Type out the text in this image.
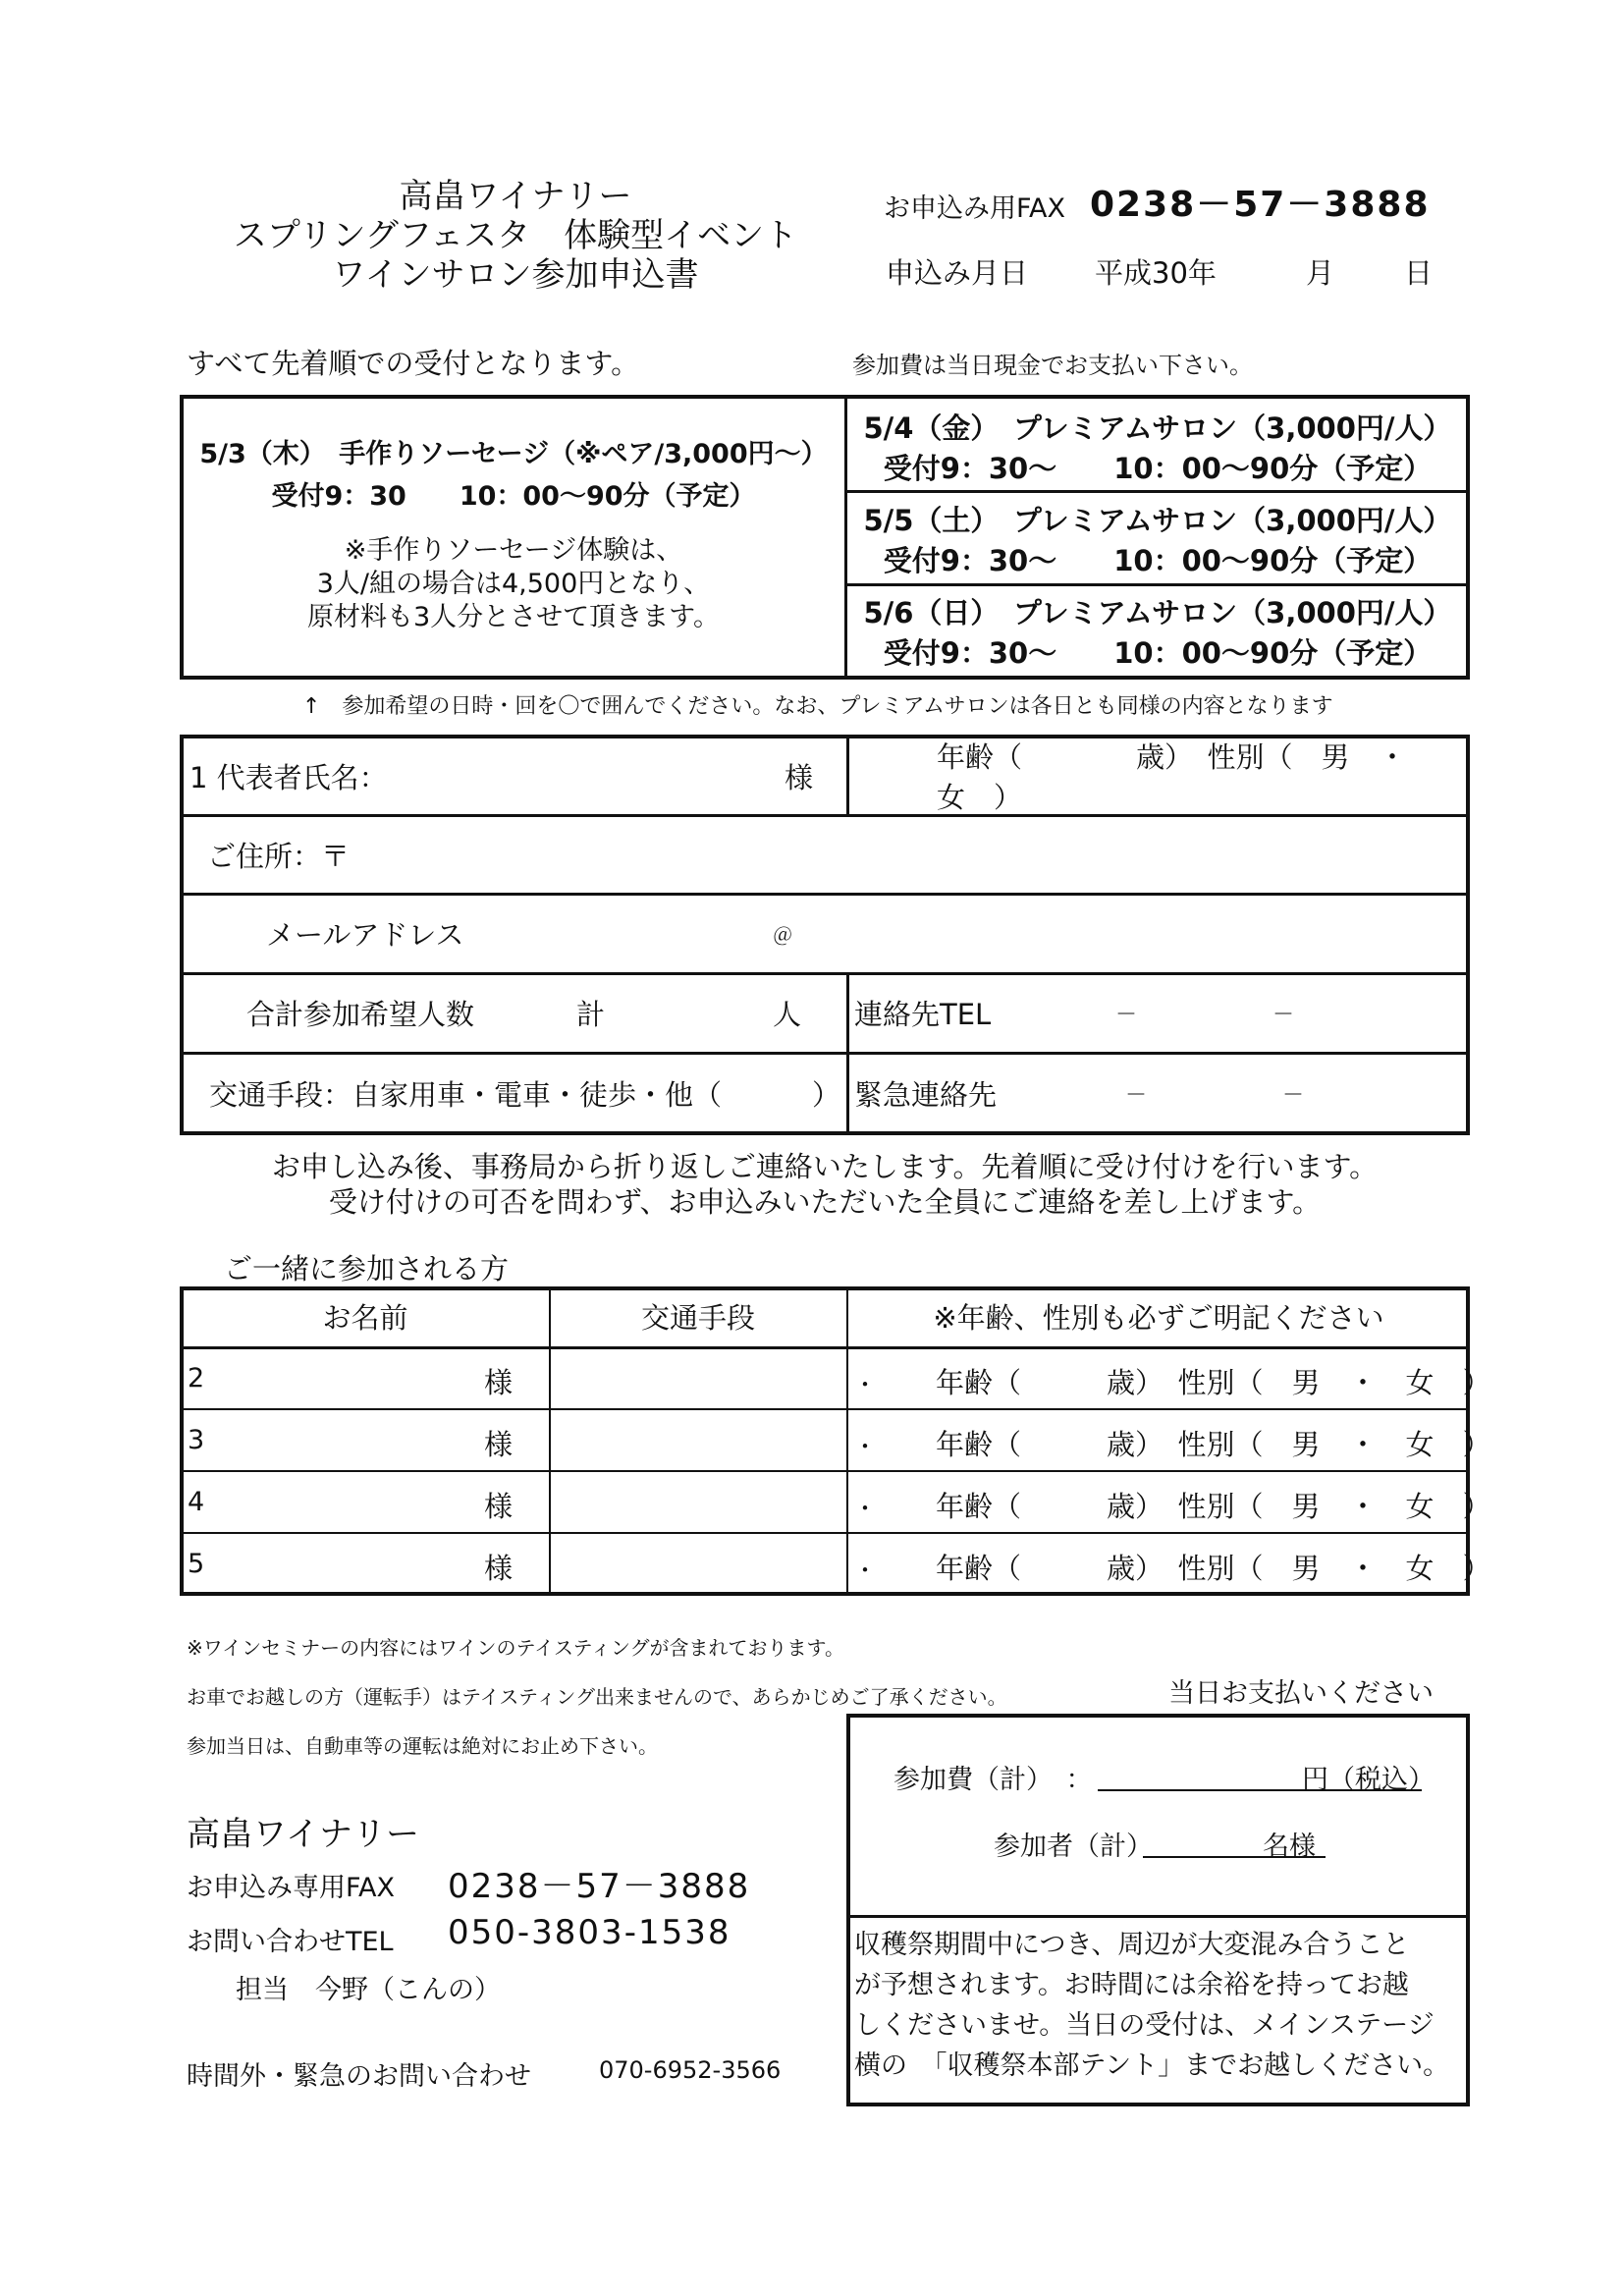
高畠ワイナリー
スプリングフェスタ　体験型イベント
ワインサロン参加申込書
お申込み用FAX 0238－57－3888
申込み月日 平成30年	月 日
すべて先着順での受付となります。	参加費は当日現金でお支払い下さい。
5/3（木）　手作りソーセージ（※ペア/3,000円～）
受付9：30　　10：00～90分（予定）
※手作りソーセージ体験は、
3人/組の場合は4,500円となり、
原材料も3人分とさせて頂きます。
5/4（金）　プレミアムサロン（3,000円/人）
受付9：30～　　10：00～90分（予定）
5/5（土）　プレミアムサロン（3,000円/人）
受付9：30～　　10：00～90分（予定）
5/6（日）　プレミアムサロン（3,000円/人）
受付9：30～　　10：00～90分（予定）
↑　参加希望の日時・回を〇で囲んでください。なお、プレミアムサロンは各日とも同様の内容となります
1 代表者氏名：	様
年齢（　　　　歳）　性別（　男　・　女　）
ご住所：〒
メールアドレス	＠
合計参加希望人数	計	人 連絡先TEL	－	－
交通手段：自家用車・電車・徒歩・他（	） 緊急連絡先	－	－
お申し込み後、事務局から折り返しご連絡いたします。先着順に受け付けを行います。
受け付けの可否を問わず、お申込みいただいた全員にご連絡を差し上げます。
ご一緒に参加される方
お名前	交通手段	※年齢、性別も必ずご明記ください
2	様	・ 年齢（　　　歳）　性別（　男　・　女　）
3	様	・ 年齢（　　　歳）　性別（　男　・　女　）
4	様	・ 年齢（　　　歳）　性別（　男　・　女　）
5	様	・ 年齢（　　　歳）　性別（　男　・　女　）
※ワインセミナーの内容にはワインのテイスティングが含まれております。
お車でお越しの方（運転手）はテイスティング出来ませんので、あらかじめご了承ください。	当日お支払いください
参加当日は、自動車等の運転は絶対にお止め下さい。
参加費（計）　：	円（税込）
参加者（計）	名様
収穫祭期間中につき、周辺が大変混み合うこと
が予想されます。お時間には余裕を持ってお越
しくださいませ。当日の受付は、メインステージ
横の　「収穫祭本部テント」までお越しください。
高畠ワイナリー
お申込み専用FAX 0238－57－3888
お問い合わせTEL 050-3803-1538
担当　今野（こんの）
時間外・緊急のお問い合わせ	070-6952-3566
